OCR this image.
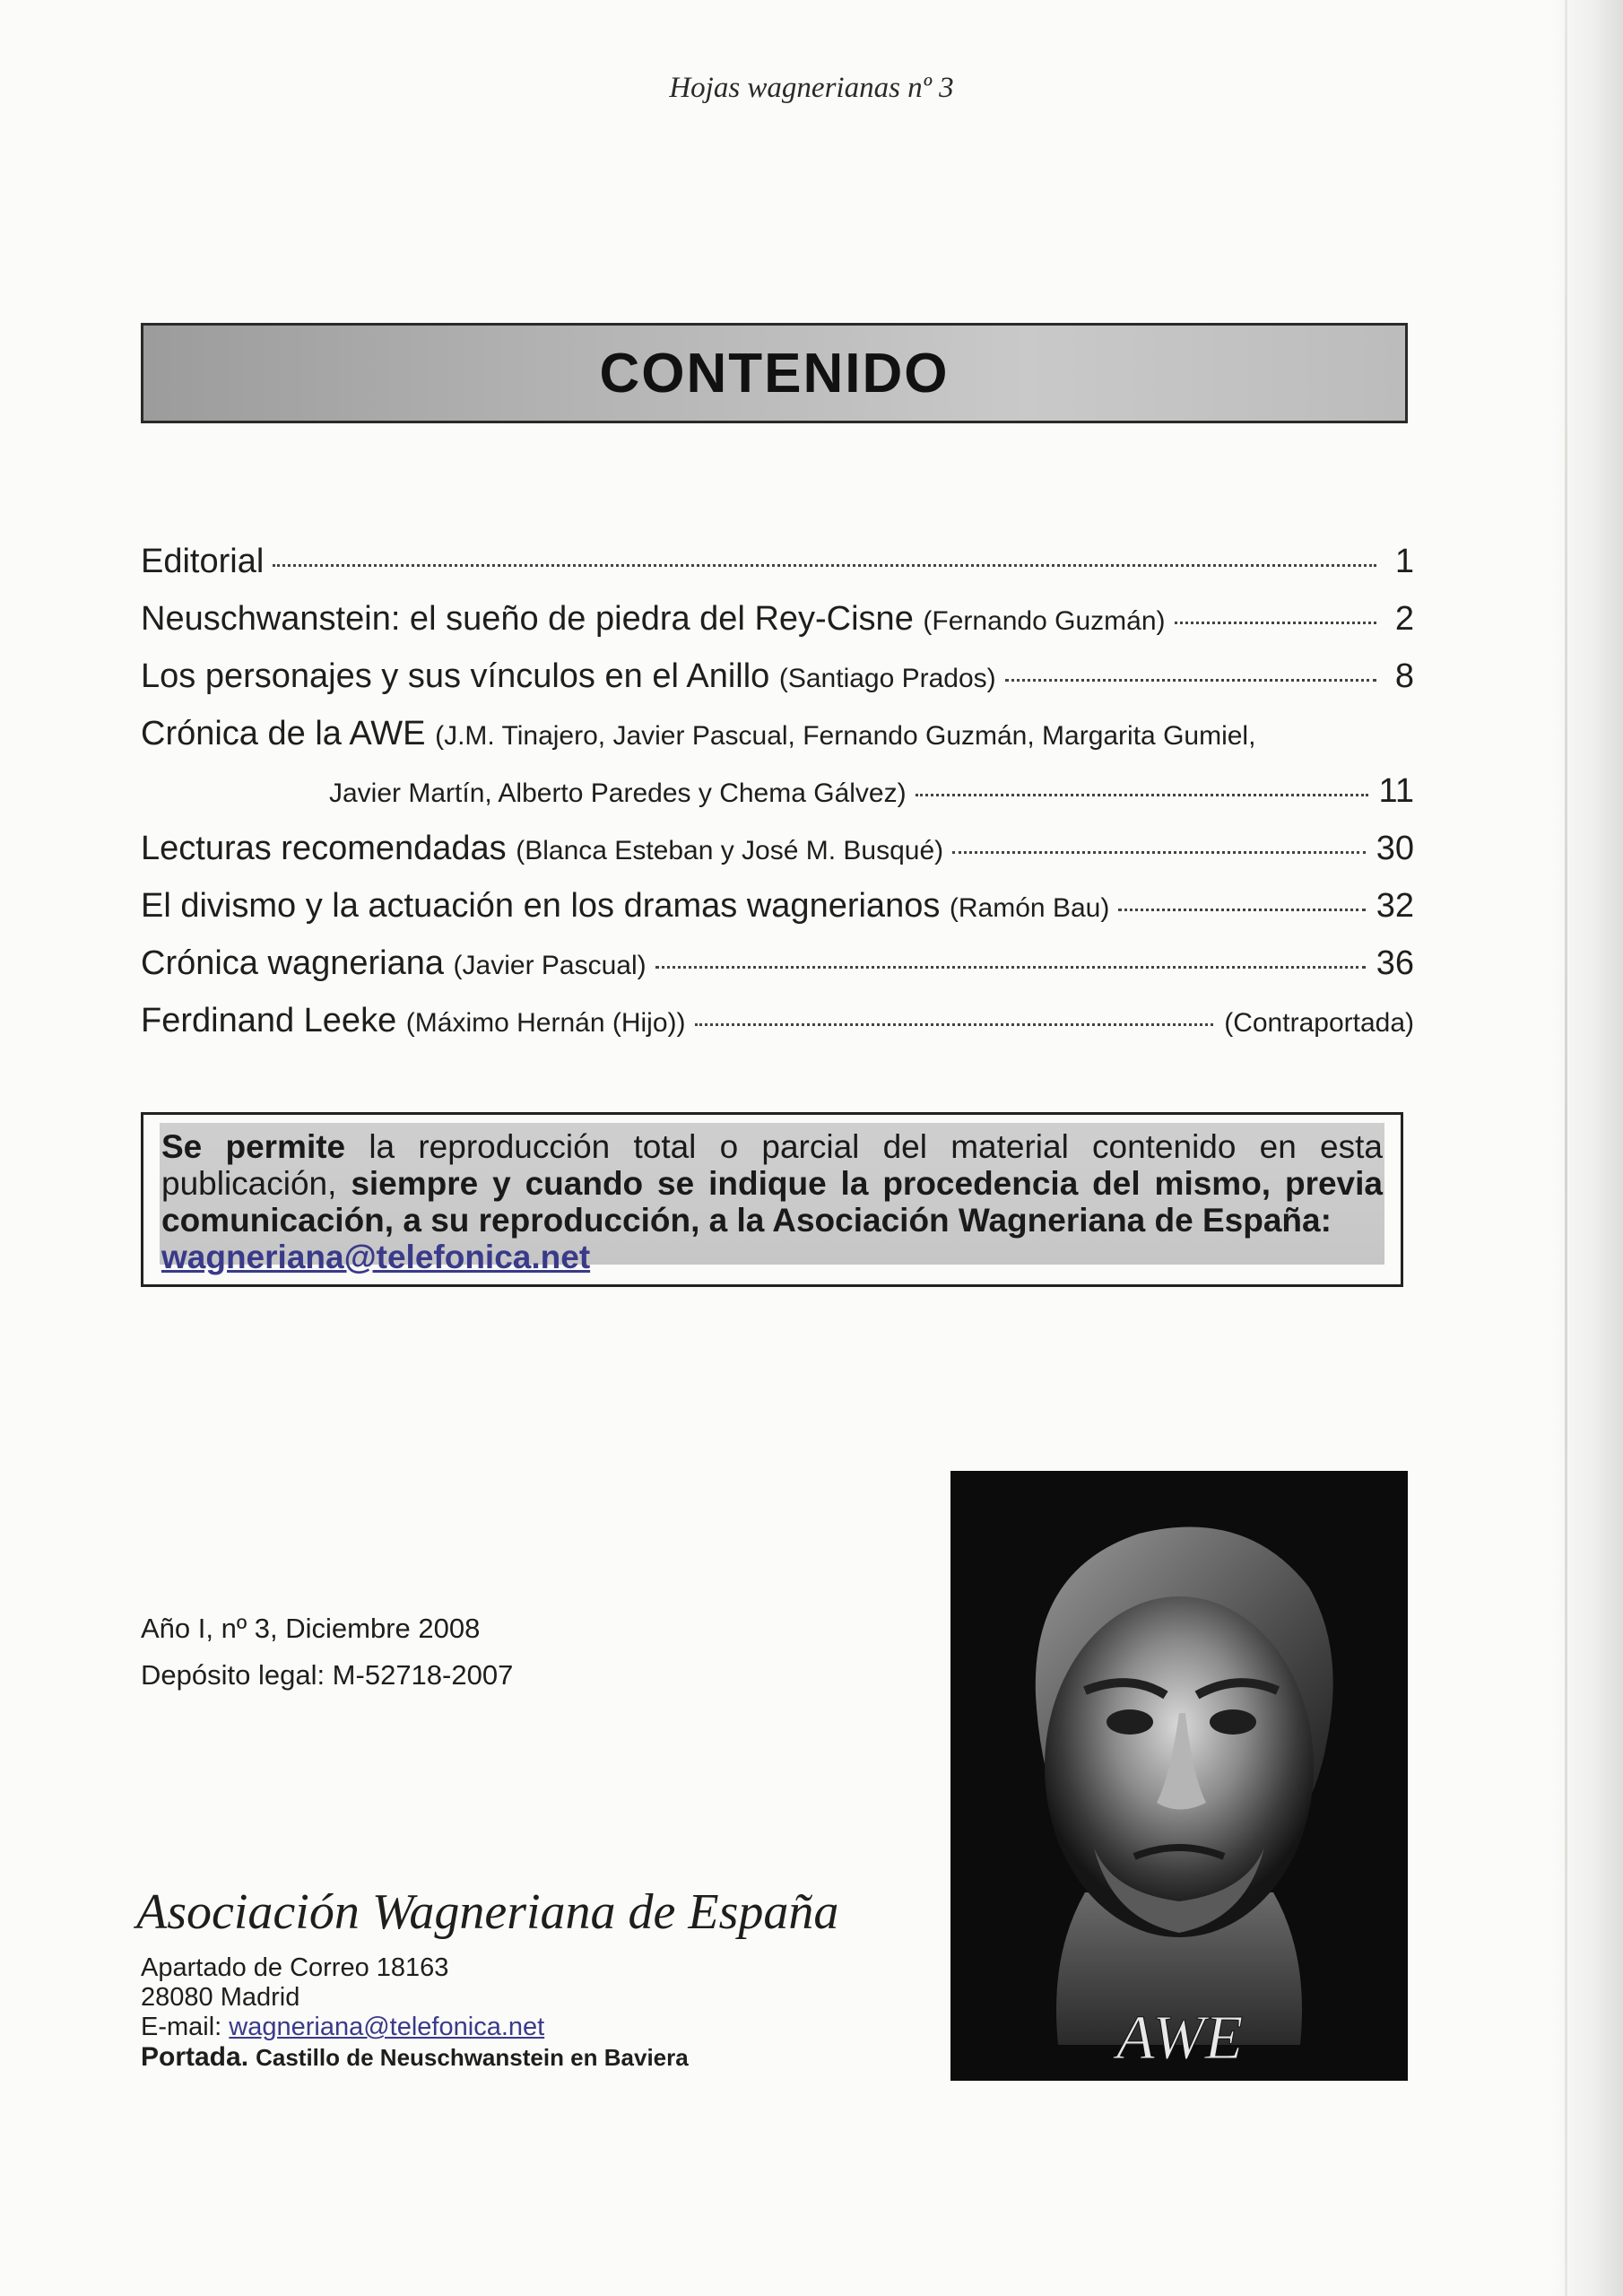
Hojas wagnerianas nº 3
CONTENIDO
Editorial	1
Neuschwanstein: el sueño de piedra del Rey-Cisne
(Fernando Guzmán)	2
Los personajes y sus vínculos en el Anillo
(Santiago Prados)	8
Crónica de la AWE
(J.M. Tinajero, Javier Pascual, Fernando Guzmán, Margarita Gumiel,
Javier Martín, Alberto Paredes y Chema Gálvez)	11
Lecturas recomendadas
(Blanca Esteban y José M. Busqué)	30
El divismo y la actuación en los dramas wagnerianos
(Ramón Bau)	32
Crónica wagneriana
(Javier Pascual)	36
Ferdinand Leeke
(Máximo Hernán (Hijo))	(Contraportada)
Se permite la reproducción total o parcial del material contenido en esta publicación, siempre y cuando se indique la procedencia del mismo, previa comunicación, a su reproducción, a la Asociación Wagneriana de España:
wagneriana@telefonica.net
Año I, nº 3, Diciembre 2008
Depósito legal: M-52718-2007
Asociación Wagneriana de España
Apartado de Correo 18163
28080 Madrid
E-mail: wagneriana@telefonica.net
Portada. Castillo de Neuschwanstein en Baviera	AWE
